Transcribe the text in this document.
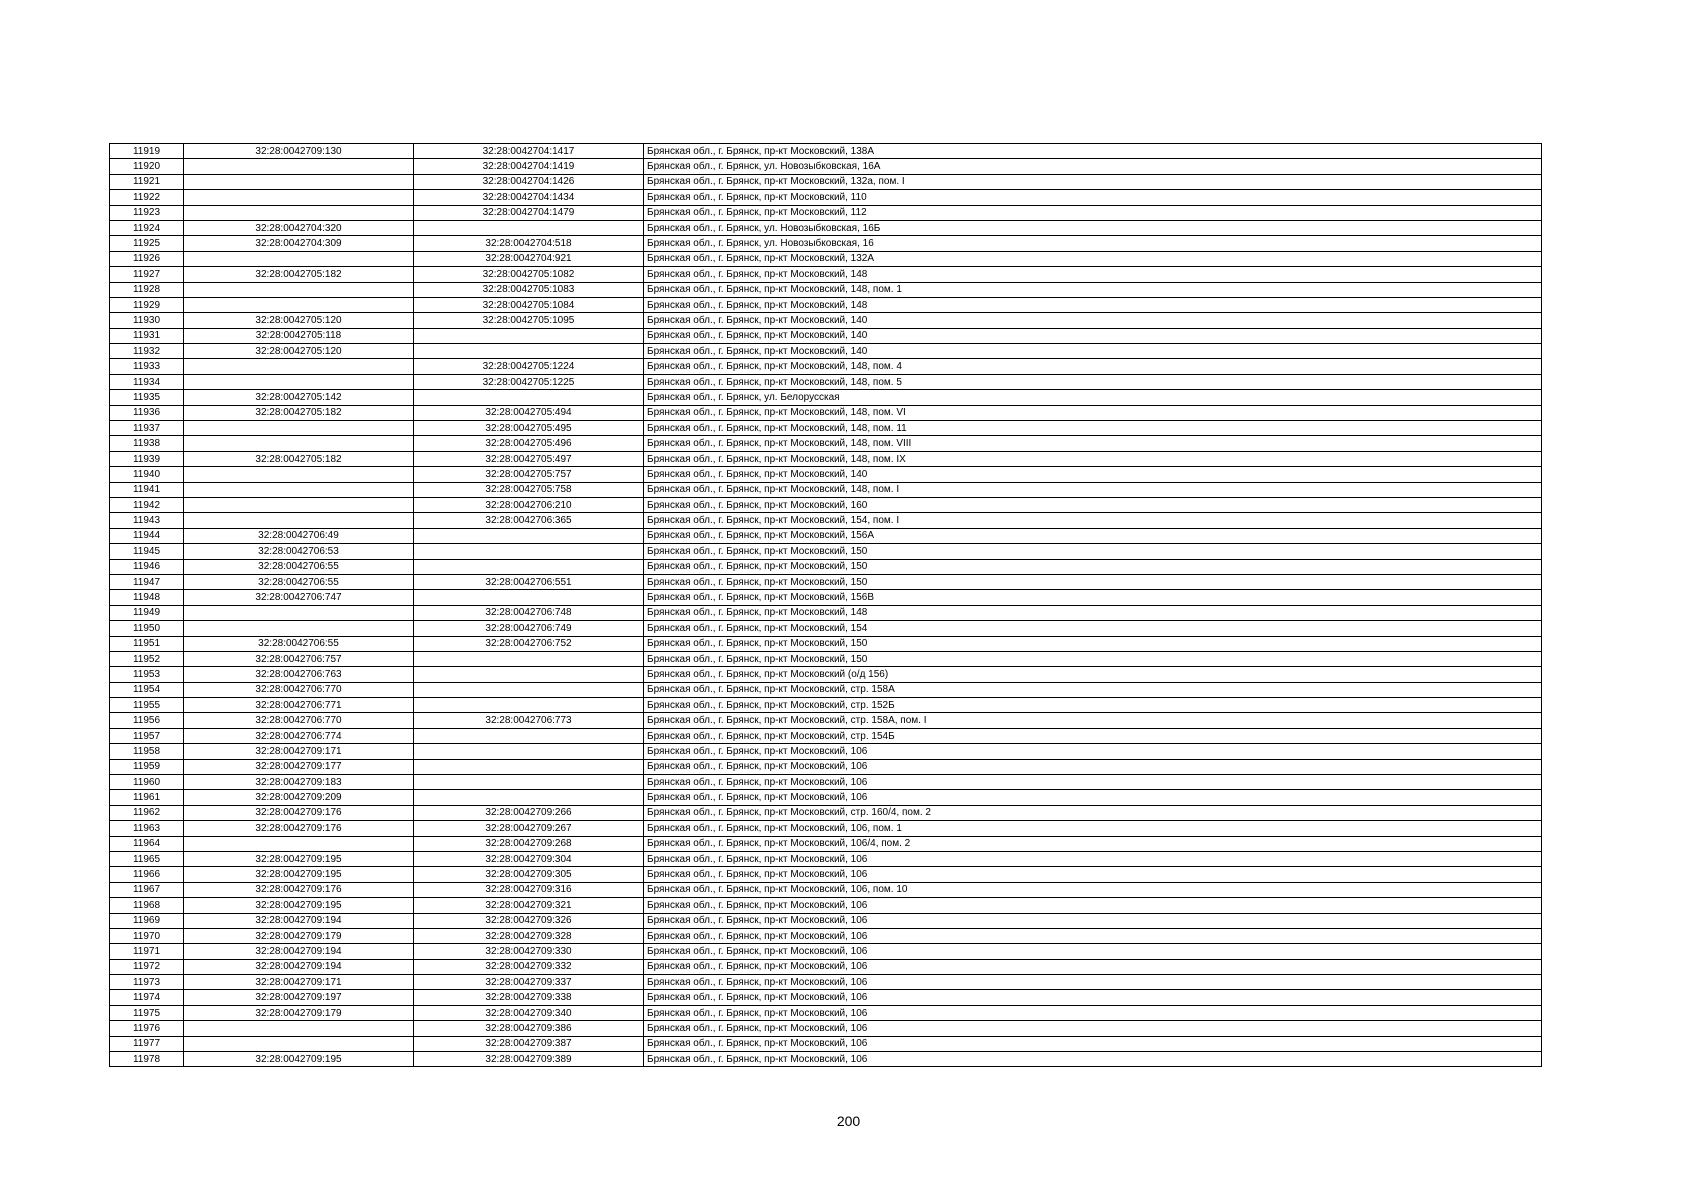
11919	32:28:0042709:130	32:28:0042704:1417	Брянская обл., г. Брянск, пр-кт Московский, 138А
11920		32:28:0042704:1419	Брянская обл., г. Брянск, ул. Новозыбковская, 16А
11921		32:28:0042704:1426	Брянская обл., г. Брянск, пр-кт Московский, 132а, пом. I
11922		32:28:0042704:1434	Брянская обл., г. Брянск, пр-кт Московский, 110
11923		32:28:0042704:1479	Брянская обл., г. Брянск, пр-кт Московский, 112
11924	32:28:0042704:320		Брянская обл., г. Брянск, ул. Новозыбковская, 16Б
11925	32:28:0042704:309	32:28:0042704:518	Брянская обл., г. Брянск, ул. Новозыбковская, 16
11926		32:28:0042704:921	Брянская обл., г. Брянск, пр-кт Московский, 132А
11927	32:28:0042705:182	32:28:0042705:1082	Брянская обл., г. Брянск, пр-кт Московский, 148
11928		32:28:0042705:1083	Брянская обл., г. Брянск, пр-кт Московский, 148, пом. 1
11929		32:28:0042705:1084	Брянская обл., г. Брянск, пр-кт Московский, 148
11930	32:28:0042705:120	32:28:0042705:1095	Брянская обл., г. Брянск, пр-кт Московский, 140
11931	32:28:0042705:118		Брянская обл., г. Брянск, пр-кт Московский, 140
11932	32:28:0042705:120		Брянская обл., г. Брянск, пр-кт Московский, 140
11933		32:28:0042705:1224	Брянская обл., г. Брянск, пр-кт Московский, 148, пом. 4
11934		32:28:0042705:1225	Брянская обл., г. Брянск, пр-кт Московский, 148, пом. 5
11935	32:28:0042705:142		Брянская обл., г. Брянск, ул. Белорусская
11936	32:28:0042705:182	32:28:0042705:494	Брянская обл., г. Брянск, пр-кт Московский, 148, пом. VI
11937		32:28:0042705:495	Брянская обл., г. Брянск, пр-кт Московский, 148, пом. 11
11938		32:28:0042705:496	Брянская обл., г. Брянск, пр-кт Московский, 148, пом. VIII
11939	32:28:0042705:182	32:28:0042705:497	Брянская обл., г. Брянск, пр-кт Московский, 148, пом. IX
11940		32:28:0042705:757	Брянская обл., г. Брянск, пр-кт Московский, 140
11941		32:28:0042705:758	Брянская обл., г. Брянск, пр-кт Московский, 148, пом. I
11942		32:28:0042706:210	Брянская обл., г. Брянск, пр-кт Московский, 160
11943		32:28:0042706:365	Брянская обл., г. Брянск, пр-кт Московский, 154, пом. I
11944	32:28:0042706:49		Брянская обл., г. Брянск, пр-кт Московский, 156А
11945	32:28:0042706:53		Брянская обл., г. Брянск, пр-кт Московский, 150
11946	32:28:0042706:55		Брянская обл., г. Брянск, пр-кт Московский, 150
11947	32:28:0042706:55	32:28:0042706:551	Брянская обл., г. Брянск, пр-кт Московский, 150
11948	32:28:0042706:747		Брянская обл., г. Брянск, пр-кт Московский, 156В
11949		32:28:0042706:748	Брянская обл., г. Брянск, пр-кт Московский, 148
11950		32:28:0042706:749	Брянская обл., г. Брянск, пр-кт Московский, 154
11951	32:28:0042706:55	32:28:0042706:752	Брянская обл., г. Брянск, пр-кт Московский, 150
11952	32:28:0042706:757		Брянская обл., г. Брянск, пр-кт Московский, 150
11953	32:28:0042706:763		Брянская обл., г. Брянск, пр-кт Московский (о/д 156)
11954	32:28:0042706:770		Брянская обл., г. Брянск, пр-кт Московский, стр. 158А
11955	32:28:0042706:771		Брянская обл., г. Брянск, пр-кт Московский, стр. 152Б
11956	32:28:0042706:770	32:28:0042706:773	Брянская обл., г. Брянск, пр-кт Московский, стр. 158А, пом. I
11957	32:28:0042706:774		Брянская обл., г. Брянск, пр-кт Московский, стр. 154Б
11958	32:28:0042709:171		Брянская обл., г. Брянск, пр-кт Московский, 106
11959	32:28:0042709:177		Брянская обл., г. Брянск, пр-кт Московский, 106
11960	32:28:0042709:183		Брянская обл., г. Брянск, пр-кт Московский, 106
11961	32:28:0042709:209		Брянская обл., г. Брянск, пр-кт Московский, 106
11962	32:28:0042709:176	32:28:0042709:266	Брянская обл., г. Брянск, пр-кт Московский, стр. 160/4, пом. 2
11963	32:28:0042709:176	32:28:0042709:267	Брянская обл., г. Брянск, пр-кт Московский, 106, пом. 1
11964		32:28:0042709:268	Брянская обл., г. Брянск, пр-кт Московский, 106/4, пом. 2
11965	32:28:0042709:195	32:28:0042709:304	Брянская обл., г. Брянск, пр-кт Московский, 106
11966	32:28:0042709:195	32:28:0042709:305	Брянская обл., г. Брянск, пр-кт Московский, 106
11967	32:28:0042709:176	32:28:0042709:316	Брянская обл., г. Брянск, пр-кт Московский, 106, пом. 10
11968	32:28:0042709:195	32:28:0042709:321	Брянская обл., г. Брянск, пр-кт Московский, 106
11969	32:28:0042709:194	32:28:0042709:326	Брянская обл., г. Брянск, пр-кт Московский, 106
11970	32:28:0042709:179	32:28:0042709:328	Брянская обл., г. Брянск, пр-кт Московский, 106
11971	32:28:0042709:194	32:28:0042709:330	Брянская обл., г. Брянск, пр-кт Московский, 106
11972	32:28:0042709:194	32:28:0042709:332	Брянская обл., г. Брянск, пр-кт Московский, 106
11973	32:28:0042709:171	32:28:0042709:337	Брянская обл., г. Брянск, пр-кт Московский, 106
11974	32:28:0042709:197	32:28:0042709:338	Брянская обл., г. Брянск, пр-кт Московский, 106
11975	32:28:0042709:179	32:28:0042709:340	Брянская обл., г. Брянск, пр-кт Московский, 106
11976		32:28:0042709:386	Брянская обл., г. Брянск, пр-кт Московский, 106
11977		32:28:0042709:387	Брянская обл., г. Брянск, пр-кт Московский, 106
11978	32:28:0042709:195	32:28:0042709:389	Брянская обл., г. Брянск, пр-кт Московский, 106
200
